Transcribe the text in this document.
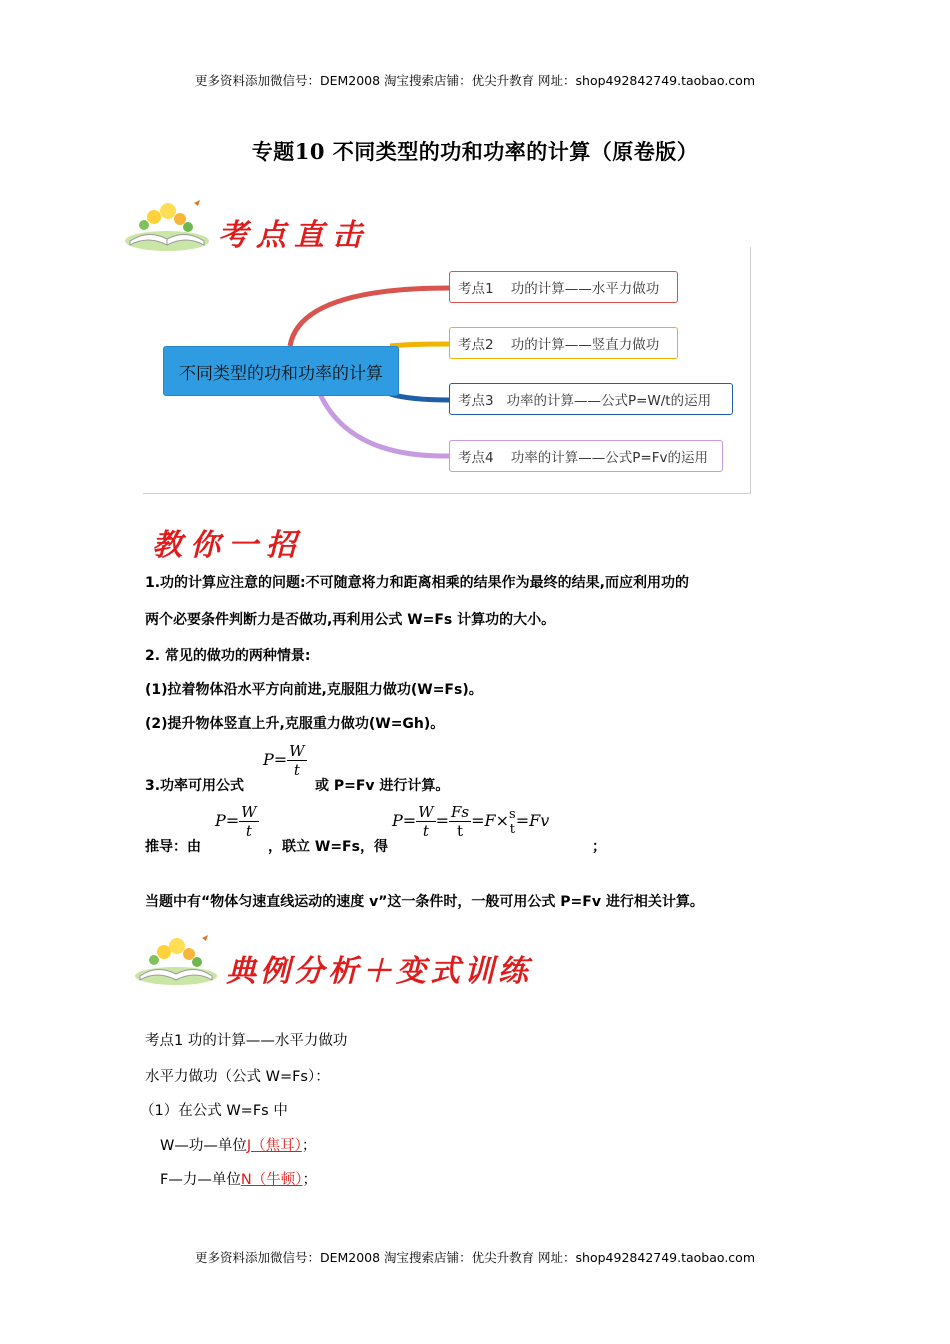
更多资料添加微信号：DEM2008 淘宝搜索店铺：优尖升教育 网址：shop492842749.taobao.com
专题10 不同类型的功和功率的计算（原卷版）
考点直击
不同类型的功和功率的计算
考点1    功的计算——水平力做功
考点2    功的计算——竖直力做功
考点3   功率的计算——公式P=W/t的运用
考点4    功率的计算——公式P=Fv的运用
教你一招
1.功的计算应注意的问题:不可随意将力和距离相乘的结果作为最终的结果,而应利用功的
两个必要条件判断力是否做功,再利用公式 W=Fs 计算功的大小。
2. 常见的做功的两种情景:
(1)拉着物体沿水平方向前进,克服阻力做功(W=Fs)。
(2)提升物体竖直上升,克服重力做功(W=Gh)。
3.功率可用公式
$P= \frac{W}{t}$
或 P=Fv 进行计算。
推导：由
$P= \frac{W}{t}$
，联立 W=Fs，得
$P= \frac{W}{t} = \frac{Fs}{t} =F\times s$
t =Fv
；
当题中有“物体匀速直线运动的速度 v”这一条件时，一般可用公式 P=Fv 进行相关计算。
典例分析＋变式训练
考点1 功的计算——水平力做功
水平力做功（公式 W=Fs）：
（1）在公式 W=Fs 中
W—功—单位J（焦耳）；
F—力—单位N（牛顿）；
更多资料添加微信号：DEM2008 淘宝搜索店铺：优尖升教育 网址：shop492842749.taobao.com
